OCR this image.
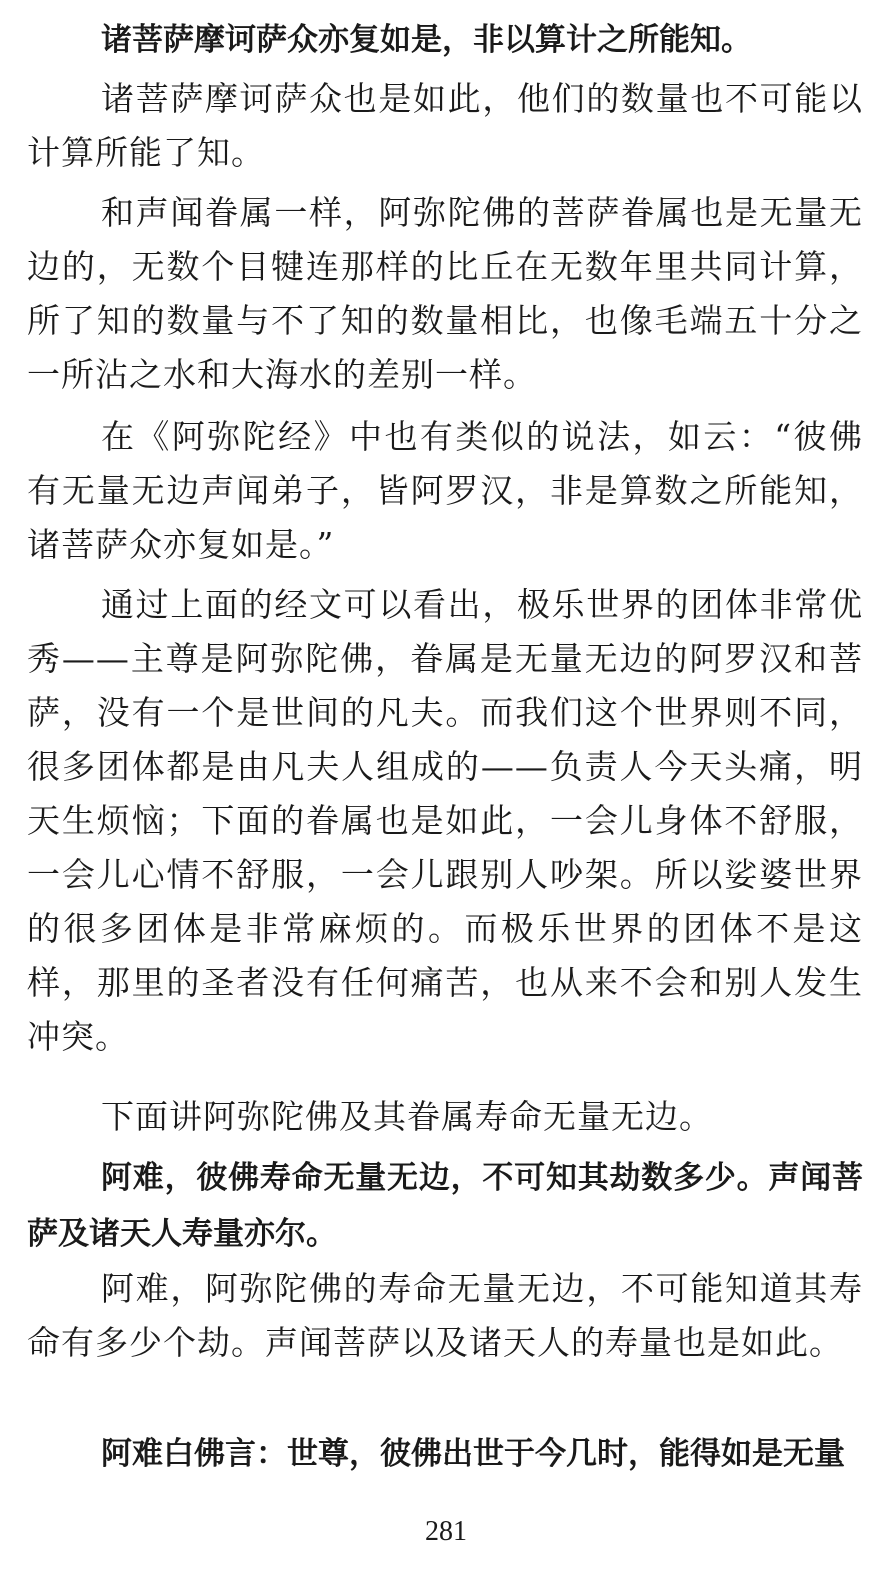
诸菩萨摩诃萨众亦复如是，非以算计之所能知。

诸菩萨摩诃萨众也是如此，他们的数量也不可能以计算所能了知。

和声闻眷属一样，阿弥陀佛的菩萨眷属也是无量无边的，无数个目犍连那样的比丘在无数年里共同计算，所了知的数量与不了知的数量相比，也像毛端五十分之一所沾之水和大海水的差别一样。

在《阿弥陀经》中也有类似的说法，如云：“彼佛有无量无边声闻弟子，皆阿罗汉，非是算数之所能知，诸菩萨众亦复如是。”

通过上面的经文可以看出，极乐世界的团体非常优秀——主尊是阿弥陀佛，眷属是无量无边的阿罗汉和菩萨，没有一个是世间的凡夫。而我们这个世界则不同，很多团体都是由凡夫人组成的——负责人今天头痛，明天生烦恼；下面的眷属也是如此，一会儿身体不舒服，一会儿心情不舒服，一会儿跟别人吵架。所以娑婆世界的很多团体是非常麻烦的。而极乐世界的团体不是这样，那里的圣者没有任何痛苦，也从来不会和别人发生冲突。

下面讲阿弥陀佛及其眷属寿命无量无边。

阿难，彼佛寿命无量无边，不可知其劫数多少。声闻菩萨及诸天人寿量亦尔。

阿难，阿弥陀佛的寿命无量无边，不可能知道其寿命有多少个劫。声闻菩萨以及诸天人的寿量也是如此。

阿难白佛言：世尊，彼佛出世于今几时，能得如是无量

281
